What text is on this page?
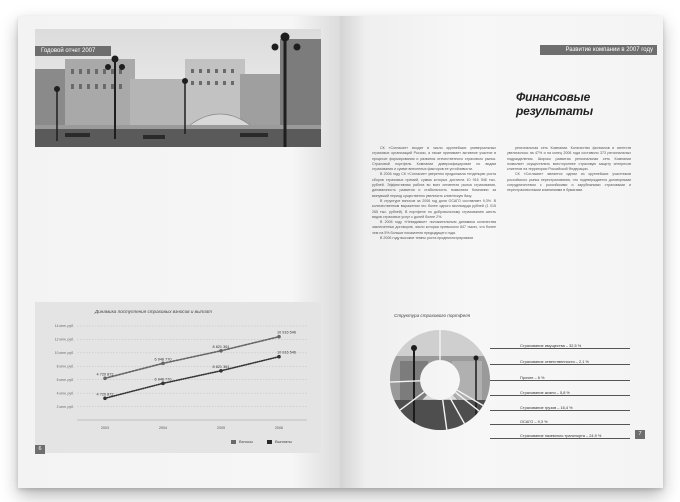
Годовой отчет 2007
Динамика поступления страховых взносов и выплат
2 млн. руб.
4 млн. руб.
6 млн. руб.
8 млн. руб.
10 млн. руб.
12 млн. руб.
14 млн. руб.
2003	2004	2005	2006
4 720 872
6 948 770
8 821 361
10 916 546
4 720 872
6 948 770
8 821 361
10 916 546
Взносы	Выплаты
6
Развитие компании в 2007 году
Финансовые результаты

СК «Согласие» входит в число крупнейших универсальных страховых организаций России, а также принимает активное участие в процессе формирования и развития отечественного страхового рынка. Страховой портфель Компании диверсифицирован по видам страхования и сумме внесенных факторов ее устойчивости.

В 2006 году СК «Согласие» уверенно продолжала тенденцию роста сборов страховых премий, сумма которых достигла 10 916 546 тыс. рублей. Эффективная работа во всех сегментах рынка страхования, динамичность развития и стабильность позволили Компании за минувший период существенно увеличить клиентскую базу.

В структуре взносов за 2006 год доля ОСАГО составляет 9,3%. В количественном выражении это более одного миллиарда рублей (1 015 265 тыс. рублей). В портфеле по добровольному страхованию шесть видов страховых услуг с долей более 2%.

В 2006 году «Невидимое» положительным динамика количества заключенных договоров, число которых превысило 847 тысяч, что более чем на 5% больше показателя предыдущего года.

В 2006 году высокие темпы роста продемонстрировали

региональная сеть Компании. Количество филиалов и агентств увеличилось на 47% и на конец 2006 года составило 373 региональных подразделения. Широко развитая региональная сеть Компании позволяет осуществлять всестороннее страховую защиту интересов клиентов на территории Российской Федерации.

СК «Согласие» является одним из крупнейших участников российского рынка перестрахования, что подтверждается договорными сотрудничеством с российскими и зарубежными страховыми и перестраховочными компаниями в бумагами.

Структура страхового портфеля
Страхование имущества – 32,5 %
Страхование ответственности – 2,1 %
Прочее – 6 %
Страхование жизни – 5,8 %
Страхование грузов – 16,4 %
ОСАГО – 9,3 %
Страхование наземного транспорта – 24,9 %	7
